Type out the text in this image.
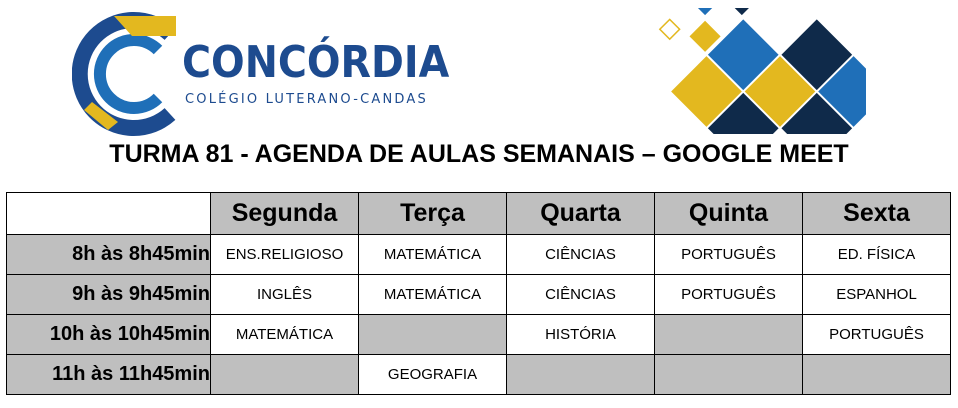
CONCÓRDIA
COLÉGIO LUTERANO-CANDAS
TURMA 81 - AGENDA DE AULAS SEMANAIS – GOOGLE MEET
	Segunda	Terça	Quarta	Quinta	Sexta
8h às 8h45min	ENS.RELIGIOSO	MATEMÁTICA	CIÊNCIAS	PORTUGUÊS	ED. FÍSICA
9h às 9h45min	INGLÊS	MATEMÁTICA	CIÊNCIAS	PORTUGUÊS	ESPANHOL
10h às 10h45min	MATEMÁTICA		HISTÓRIA		PORTUGUÊS
11h às 11h45min		GEOGRAFIA			
